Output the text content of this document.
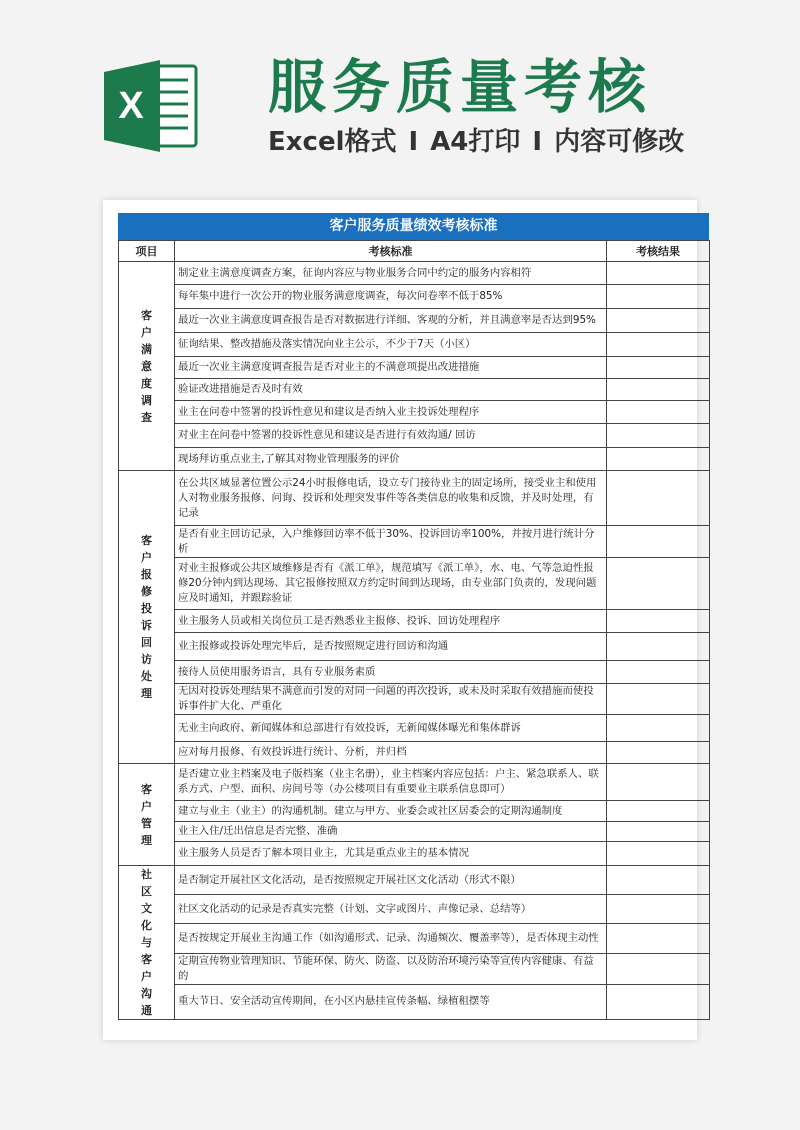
X 服务质量考核
Excel格式 I A4打印 I 内容可修改
客户服务质量绩效考核标准
项目	考核标准	考核结果
客户满意度调查	制定业主满意度调查方案，征询内容应与物业服务合同中约定的服务内容相符	
	每年集中进行一次公开的物业服务满意度调查，每次问卷率不低于85%	
	最近一次业主满意度调查报告是否对数据进行详细、客观的分析，并且满意率是否达到95%	
	征询结果、整改措施及落实情况向业主公示，不少于7天（小区）	
	最近一次业主满意度调查报告是否对业主的不满意项提出改进措施	
	验证改进措施是否及时有效	
	业主在问卷中签署的投诉性意见和建议是否纳入业主投诉处理程序	
	对业主在问卷中签署的投诉性意见和建议是否进行有效沟通/ 回访	
	现场拜访重点业主,了解其对物业管理服务的评价	
客户报修投诉回访处理	在公共区域显著位置公示24小时报修电话，设立专门接待业主的固定场所，接受业主和使用人对物业服务报修、问询、投诉和处理突发事件等各类信息的收集和反馈，并及时处理，有记录	
	是否有业主回访记录，入户维修回访率不低于30%、投诉回访率100%，并按月进行统计分析	
	对业主报修或公共区域维修是否有《派工单》，规范填写《派工单》，水、电、气等急迫性报修20分钟内到达现场、其它报修按照双方约定时间到达现场，由专业部门负责的，发现问题应及时通知，并跟踪验证	
	业主服务人员或相关岗位员工是否熟悉业主报修、投诉、回访处理程序	
	业主报修或投诉处理完毕后，是否按照规定进行回访和沟通	
	接待人员使用服务语言，具有专业服务素质	
	无因对投诉处理结果不满意而引发的对同一问题的再次投诉，或未及时采取有效措施而使投诉事件扩大化、严重化	
	无业主向政府、新闻媒体和总部进行有效投诉，无新闻媒体曝光和集体群诉	
	应对每月报修、有效投诉进行统计、分析，并归档	
客户管理	是否建立业主档案及电子版档案（业主名册），业主档案内容应包括：户主、紧急联系人、联系方式、户型、面积、房间号等（办公楼项目有重要业主联系信息即可）	
	建立与业主（业主）的沟通机制。建立与甲方、业委会或社区居委会的定期沟通制度	
	业主入住/迁出信息是否完整、准确	
	业主服务人员是否了解本项目业主，尤其是重点业主的基本情况	
社区文化与客户沟通	是否制定开展社区文化活动，是否按照规定开展社区文化活动（形式不限）	
	社区文化活动的记录是否真实完整（计划、文字或图片、声像记录、总结等）	
	是否按规定开展业主沟通工作（如沟通形式、记录、沟通频次、覆盖率等），是否体现主动性	
	定期宣传物业管理知识、节能环保、防火、防盗、以及防治环境污染等宣传内容健康、有益的	
	重大节日、安全活动宣传期间，在小区内悬挂宣传条幅、绿植租摆等	
